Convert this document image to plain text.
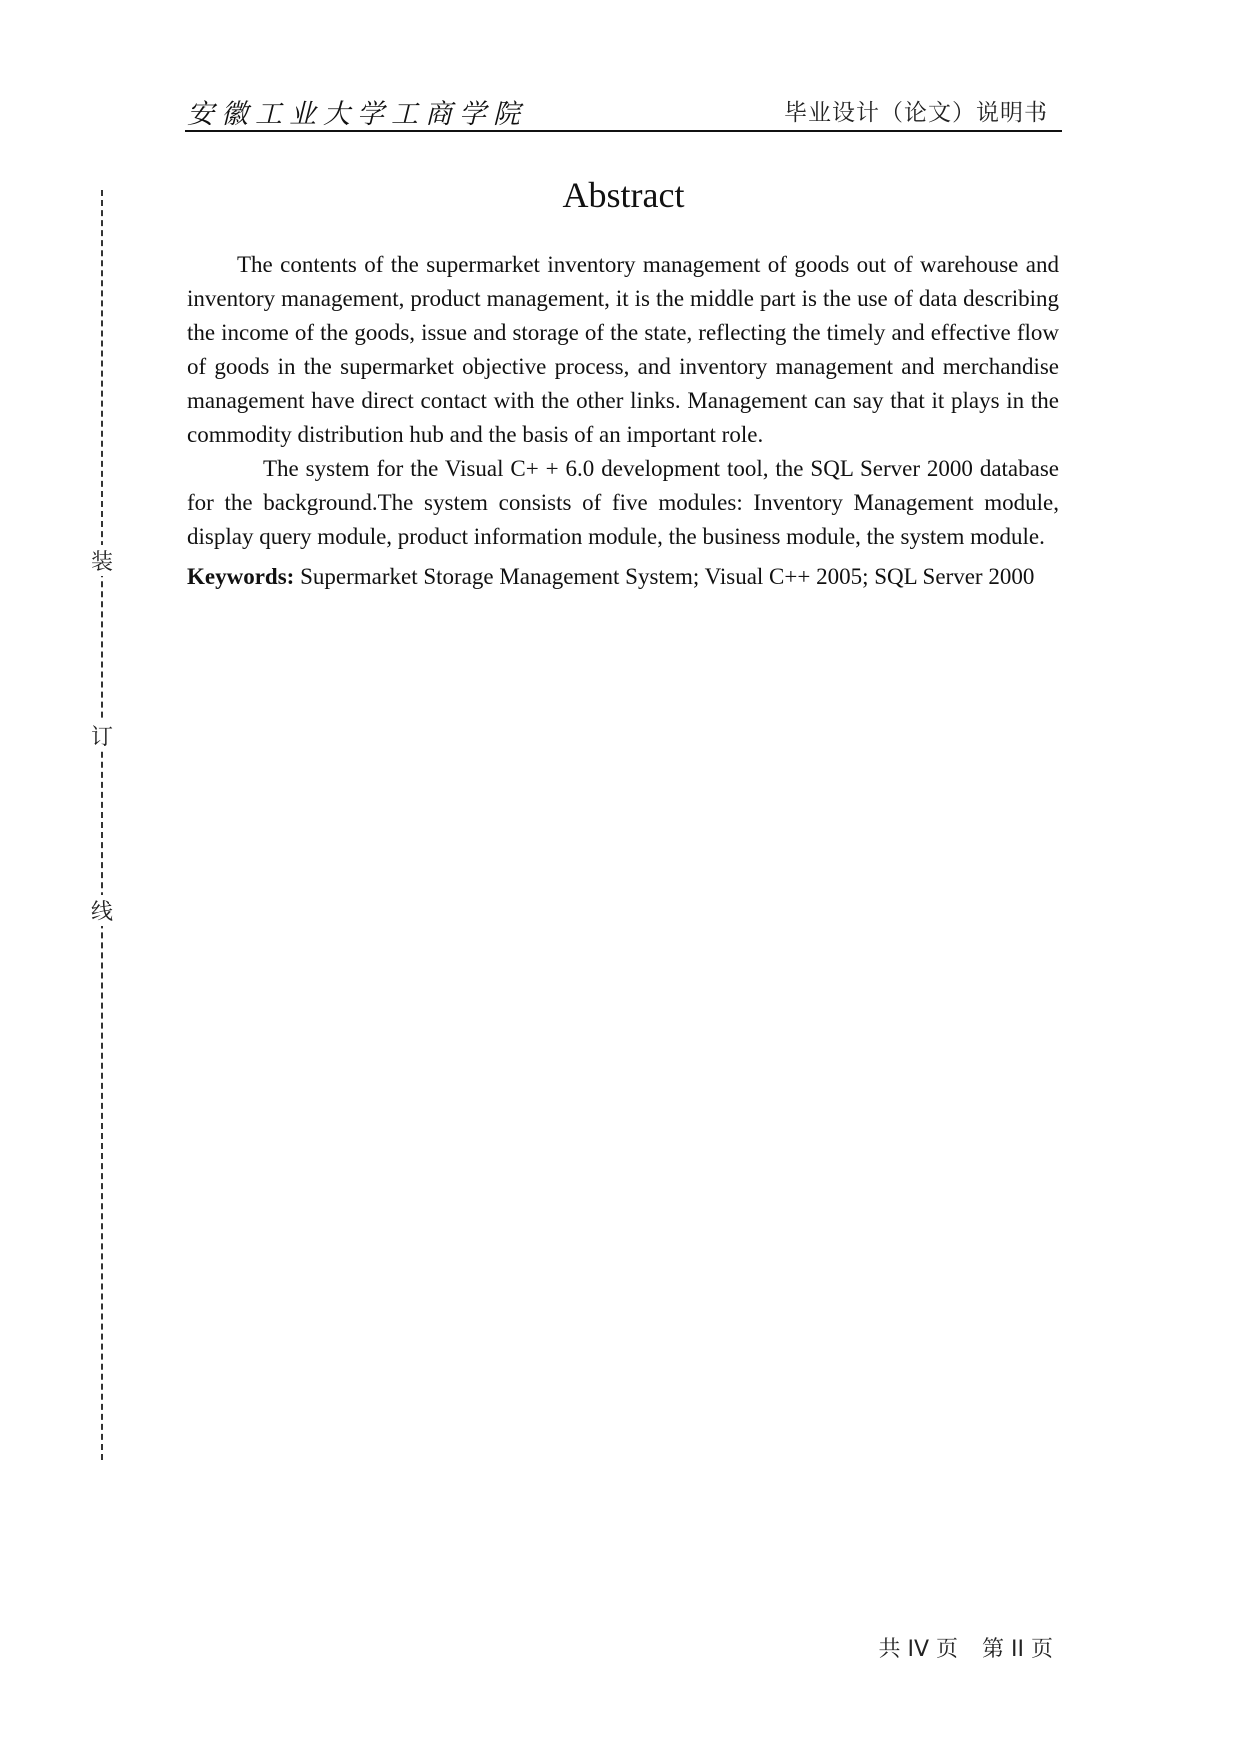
安徽工业大学工商学院	毕业设计（论文）说明书
装
订
线
Abstract

The contents of the supermarket inventory management of goods out of warehouse and inventory management, product management, it is the middle part is the use of data describing the income of the goods, issue and storage of the state, reflecting the timely and effective flow of goods in the supermarket objective process, and inventory management and merchandise management have direct contact with the other links. Management can say that it plays in the commodity distribution hub and the basis of an important role.

The system for the Visual C+ + 6.0 development tool, the SQL Server 2000 database for the background.The system consists of five modules: Inventory Management module, display query module, product information module, the business module, the system module.

Keywords: Supermarket Storage Management System; Visual C++ 2005; SQL Server 2000

共 IV 页 第 II 页
